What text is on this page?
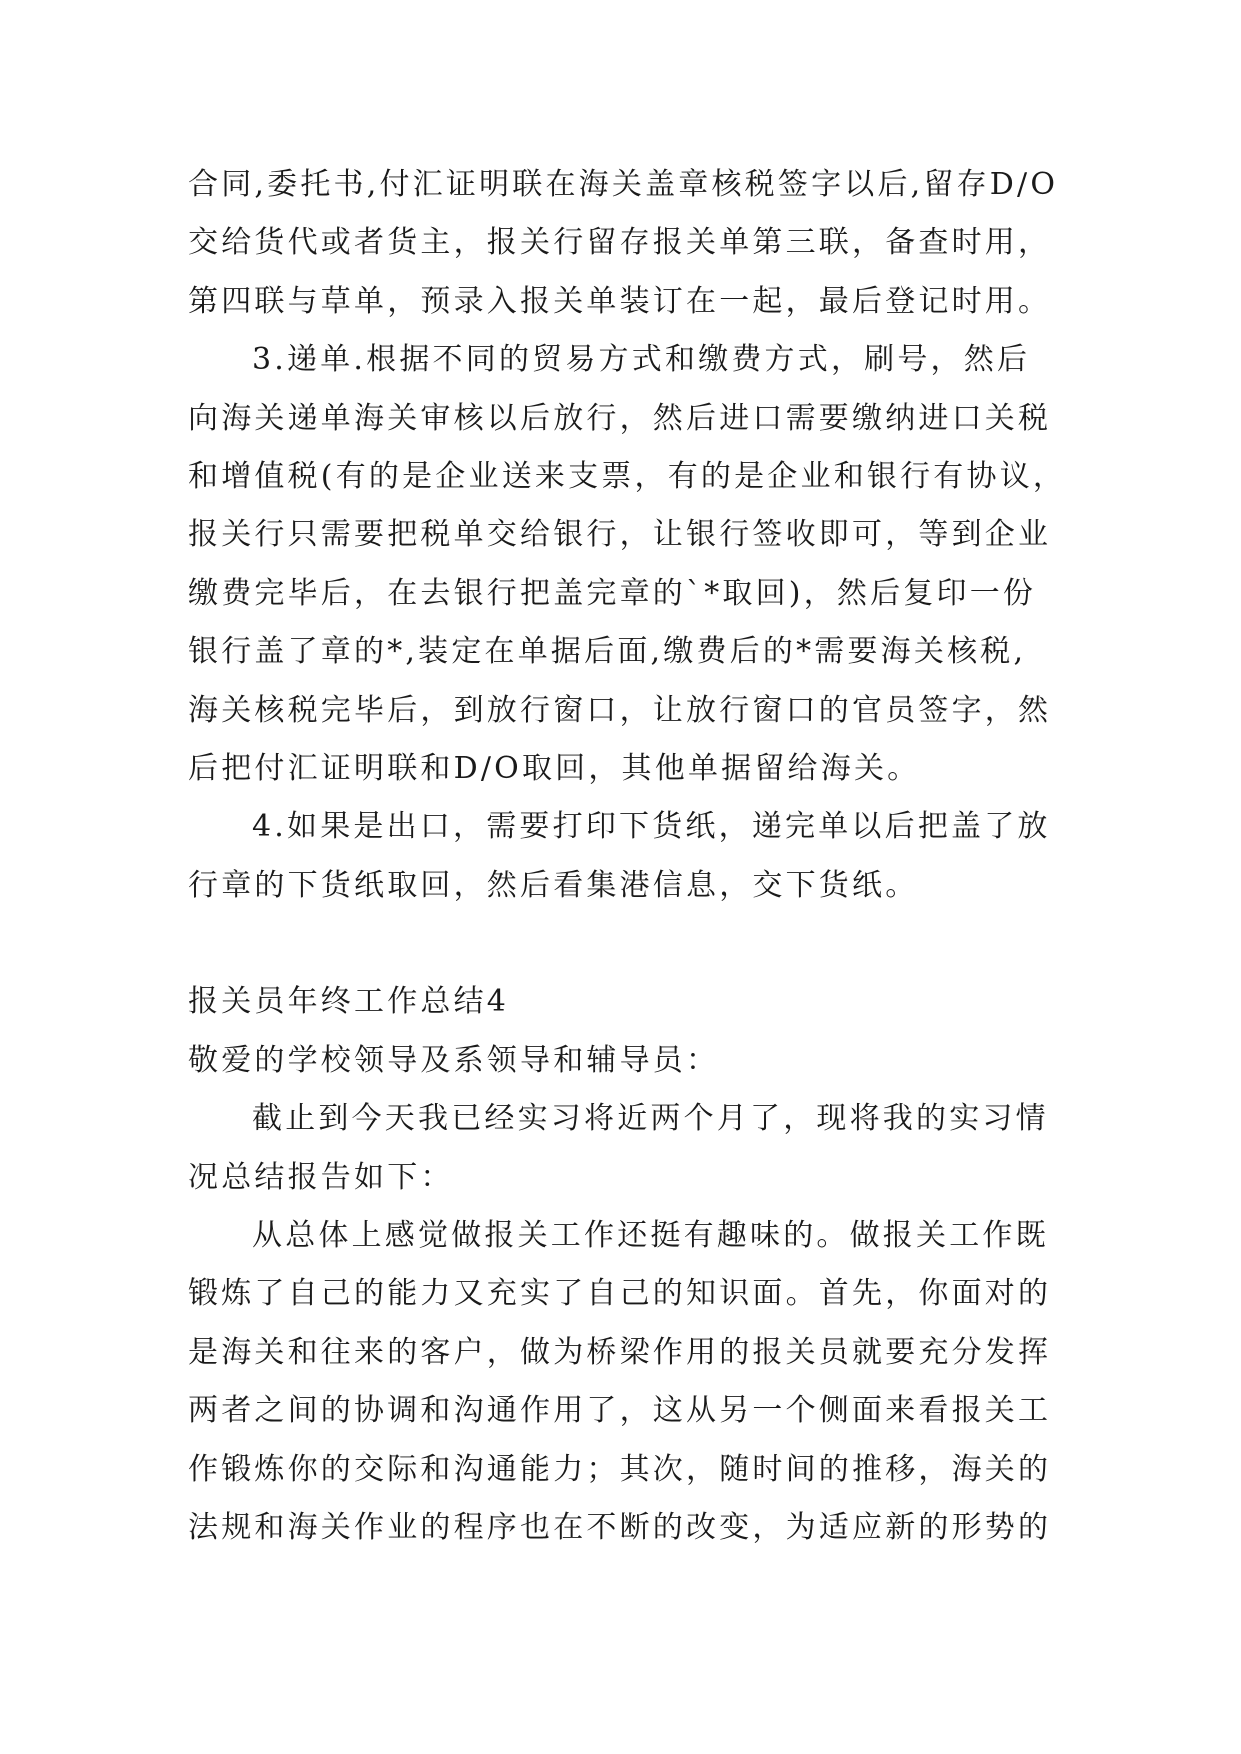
合同,委托书,付汇证明联在海关盖章核税签字以后,留存D/O
交给货代或者货主，报关行留存报关单第三联，备查时用，
第四联与草单，预录入报关单装订在一起，最后登记时用。

3.递单.根据不同的贸易方式和缴费方式，刷号，然后
向海关递单海关审核以后放行，然后进口需要缴纳进口关税
和增值税(有的是企业送来支票，有的是企业和银行有协议，
报关行只需要把税单交给银行，让银行签收即可，等到企业
缴费完毕后，在去银行把盖完章的`*取回)，然后复印一份
银行盖了章的*,装定在单据后面,缴费后的*需要海关核税,
海关核税完毕后，到放行窗口，让放行窗口的官员签字，然
后把付汇证明联和D/O取回，其他单据留给海关。

4.如果是出口，需要打印下货纸，递完单以后把盖了放
行章的下货纸取回，然后看集港信息，交下货纸。

报关员年终工作总结4

敬爱的学校领导及系领导和辅导员：

截止到今天我已经实习将近两个月了，现将我的实习情
况总结报告如下：

从总体上感觉做报关工作还挺有趣味的。做报关工作既
锻炼了自己的能力又充实了自己的知识面。首先，你面对的
是海关和往来的客户，做为桥梁作用的报关员就要充分发挥
两者之间的协调和沟通作用了，这从另一个侧面来看报关工
作锻炼你的交际和沟通能力；其次，随时间的推移，海关的
法规和海关作业的程序也在不断的改变，为适应新的形势的
